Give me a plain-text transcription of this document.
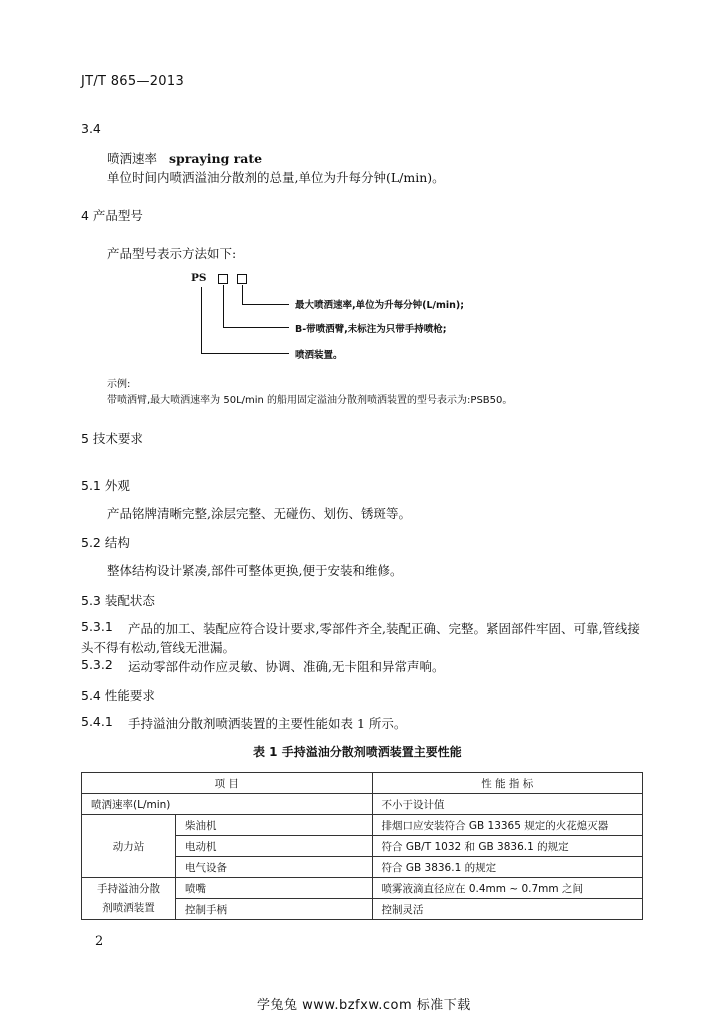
JT/T 865—2013
3.4
喷洒速率 spraying rate
单位时间内喷洒溢油分散剂的总量,单位为升每分钟(L/min)。
4 产品型号
产品型号表示方法如下:
PS
最大喷洒速率,单位为升每分钟(L/min);
B-带喷洒臂,未标注为只带手持喷枪;
喷洒装置。
示例:
带喷洒臂,最大喷洒速率为 50L/min 的船用固定溢油分散剂喷洒装置的型号表示为:PSB50。
5 技术要求
5.1 外观
产品铭牌清晰完整,涂层完整、无碰伤、划伤、锈斑等。
5.2 结构
整体结构设计紧凑,部件可整体更换,便于安装和维修。
5.3 装配状态
5.3.1 产品的加工、装配应符合设计要求,零部件齐全,装配正确、完整。紧固部件牢固、可靠,管线接
头不得有松动,管线无泄漏。
5.3.2 运动零部件动作应灵敏、协调、准确,无卡阻和异常声响。
5.4 性能要求
5.4.1 手持溢油分散剂喷洒装置的主要性能如表 1 所示。
表 1 手持溢油分散剂喷洒装置主要性能
项 目		性 能 指 标
喷洒速率(L/min)		不小于设计值
动力站	柴油机	排烟口应安装符合 GB 13365 规定的火花熄灭器
	电动机	符合 GB/T 1032 和 GB 3836.1 的规定
	电气设备	符合 GB 3836.1 的规定

手持溢油分散
剂喷洒装置	喷嘴	喷雾液滴直径应在 0.4mm ~ 0.7mm 之间
	控制手柄	控制灵活
2
学兔兔 www.bzfxw.com 标准下载
